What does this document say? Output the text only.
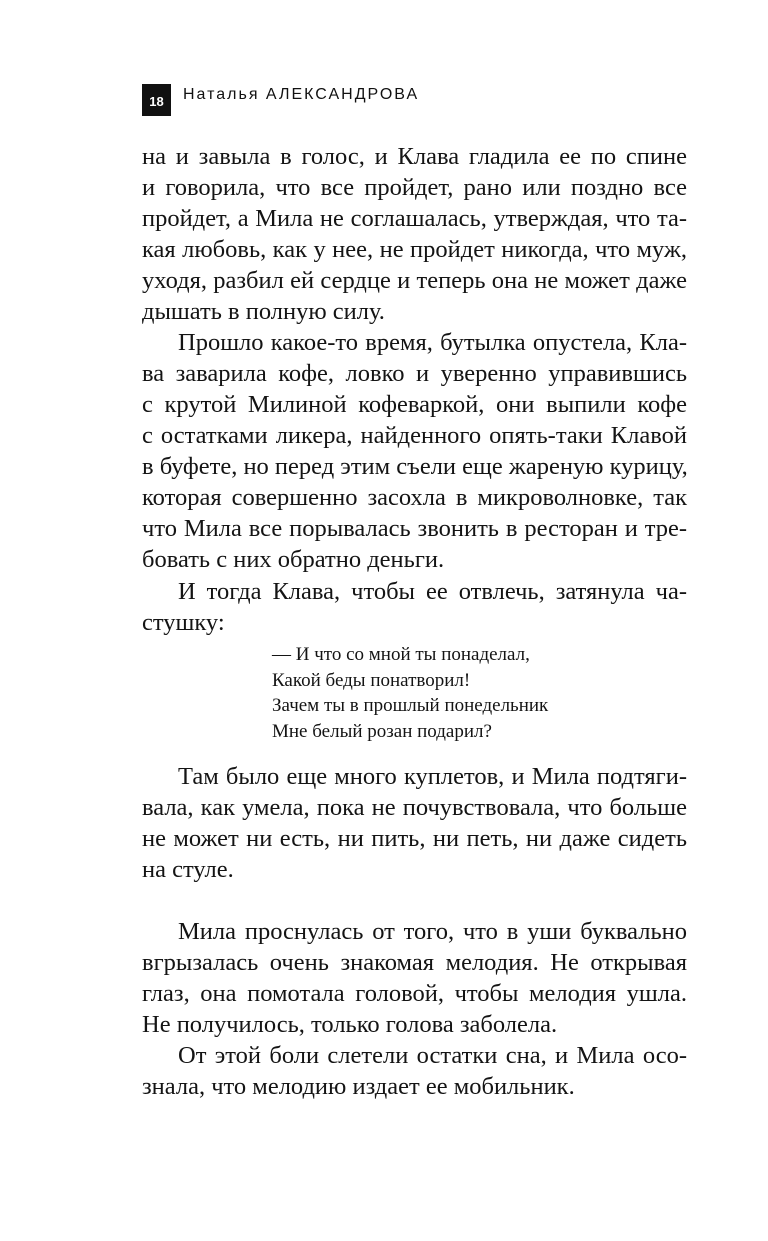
18	Наталья АЛЕКСАНДРОВА
на и завыла в голос, и Клава гладила ее по спине
и говорила, что все пройдет, рано или поздно все
пройдет, а Мила не соглашалась, утверждая, что та-
кая любовь, как у нее, не пройдет никогда, что муж,
уходя, разбил ей сердце и теперь она не может даже
дышать в полную силу.
Прошло какое-то время, бутылка опустела, Кла-
ва заварила кофе, ловко и уверенно управившись
с крутой Милиной кофеваркой, они выпили кофе
с остатками ликера, найденного опять-таки Клавой
в буфете, но перед этим съели еще жареную курицу,
которая совершенно засохла в микроволновке, так
что Мила все порывалась звонить в ресторан и тре-
бовать с них обратно деньги.
И тогда Клава, чтобы ее отвлечь, затянула ча-
стушку:
— И что со мной ты понаделал,
Какой беды понатворил!
Зачем ты в прошлый понедельник
Мне белый розан подарил?
Там было еще много куплетов, и Мила подтяги-
вала, как умела, пока не почувствовала, что больше
не может ни есть, ни пить, ни петь, ни даже сидеть
на стуле.
Мила проснулась от того, что в уши буквально
вгрызалась очень знакомая мелодия. Не открывая
глаз, она помотала головой, чтобы мелодия ушла.
Не получилось, только голова заболела.
От этой боли слетели остатки сна, и Мила осо-
знала, что мелодию издает ее мобильник.
